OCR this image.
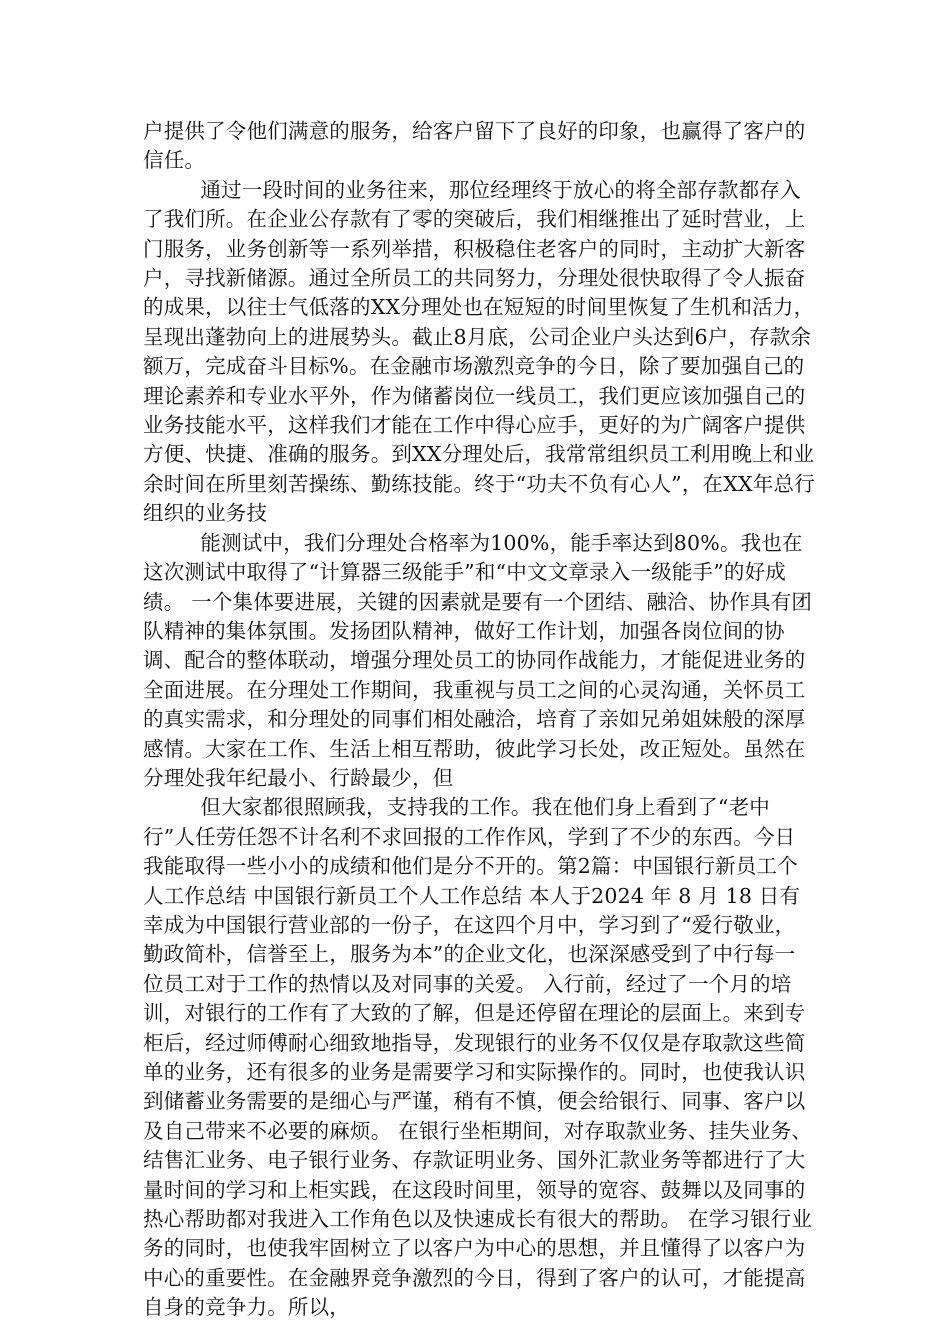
户提供了令他们满意的服务，给客户留下了良好的印象，也赢得了客户的信任。

通过一段时间的业务往来，那位经理终于放心的将全部存款都存入了我们所。在企业公存款有了零的突破后，我们相继推出了延时营业，上门服务，业务创新等一系列举措，积极稳住老客户的同时，主动扩大新客户，寻找新储源。通过全所员工的共同努力，分理处很快取得了令人振奋的成果，以往士气低落的XX分理处也在短短的时间里恢复了生机和活力，呈现出蓬勃向上的进展势头。截止8月底，公司企业户头达到6户，存款余额万，完成奋斗目标%。在金融市场激烈竞争的今日，除了要加强自己的理论素养和专业水平外，作为储蓄岗位一线员工，我们更应该加强自己的业务技能水平，这样我们才能在工作中得心应手，更好的为广阔客户提供方便、快捷、准确的服务。到XX分理处后，我常常组织员工利用晚上和业余时间在所里刻苦操练、勤练技能。终于“功夫不负有心人”，在XX年总行组织的业务技

能测试中，我们分理处合格率为100%，能手率达到80%。我也在这次测试中取得了“计算器三级能手”和“中文文章录入一级能手”的好成绩。 一个集体要进展，关键的因素就是要有一个团结、融洽、协作具有团队精神的集体氛围。发扬团队精神，做好工作计划，加强各岗位间的协调、配合的整体联动，增强分理处员工的协同作战能力，才能促进业务的全面进展。在分理处工作期间，我重视与员工之间的心灵沟通，关怀员工的真实需求，和分理处的同事们相处融洽，培育了亲如兄弟姐妹般的深厚感情。大家在工作、生活上相互帮助，彼此学习长处，改正短处。虽然在分理处我年纪最小、行龄最少，但

但大家都很照顾我，支持我的工作。我在他们身上看到了“老中行”人任劳任怨不计名利不求回报的工作作风，学到了不少的东西。今日我能取得一些小小的成绩和他们是分不开的。第2篇：中国银行新员工个人工作总结 中国银行新员工个人工作总结 本人于2024 年 8 月 18 日有幸成为中国银行营业部的一份子，在这四个月中，学习到了“爱行敬业，勤政简朴，信誉至上，服务为本”的企业文化，也深深感受到了中行每一位员工对于工作的热情以及对同事的关爱。 入行前，经过了一个月的培训，对银行的工作有了大致的了解，但是还停留在理论的层面上。来到专柜后，经过师傅耐心细致地指导，发现银行的业务不仅仅是存取款这些简单的业务，还有很多的业务是需要学习和实际操作的。同时，也使我认识到储蓄业务需要的是细心与严谨，稍有不慎，便会给银行、同事、客户以及自己带来不必要的麻烦。 在银行坐柜期间，对存取款业务、挂失业务、结售汇业务、电子银行业务、存款证明业务、国外汇款业务等都进行了大量时间的学习和上柜实践，在这段时间里，领导的宽容、鼓舞以及同事的热心帮助都对我进入工作角色以及快速成长有很大的帮助。 在学习银行业务的同时，也使我牢固树立了以客户为中心的思想，并且懂得了以客户为中心的重要性。在金融界竞争激烈的今日，得到了客户的认可，才能提高自身的竞争力。所以，
